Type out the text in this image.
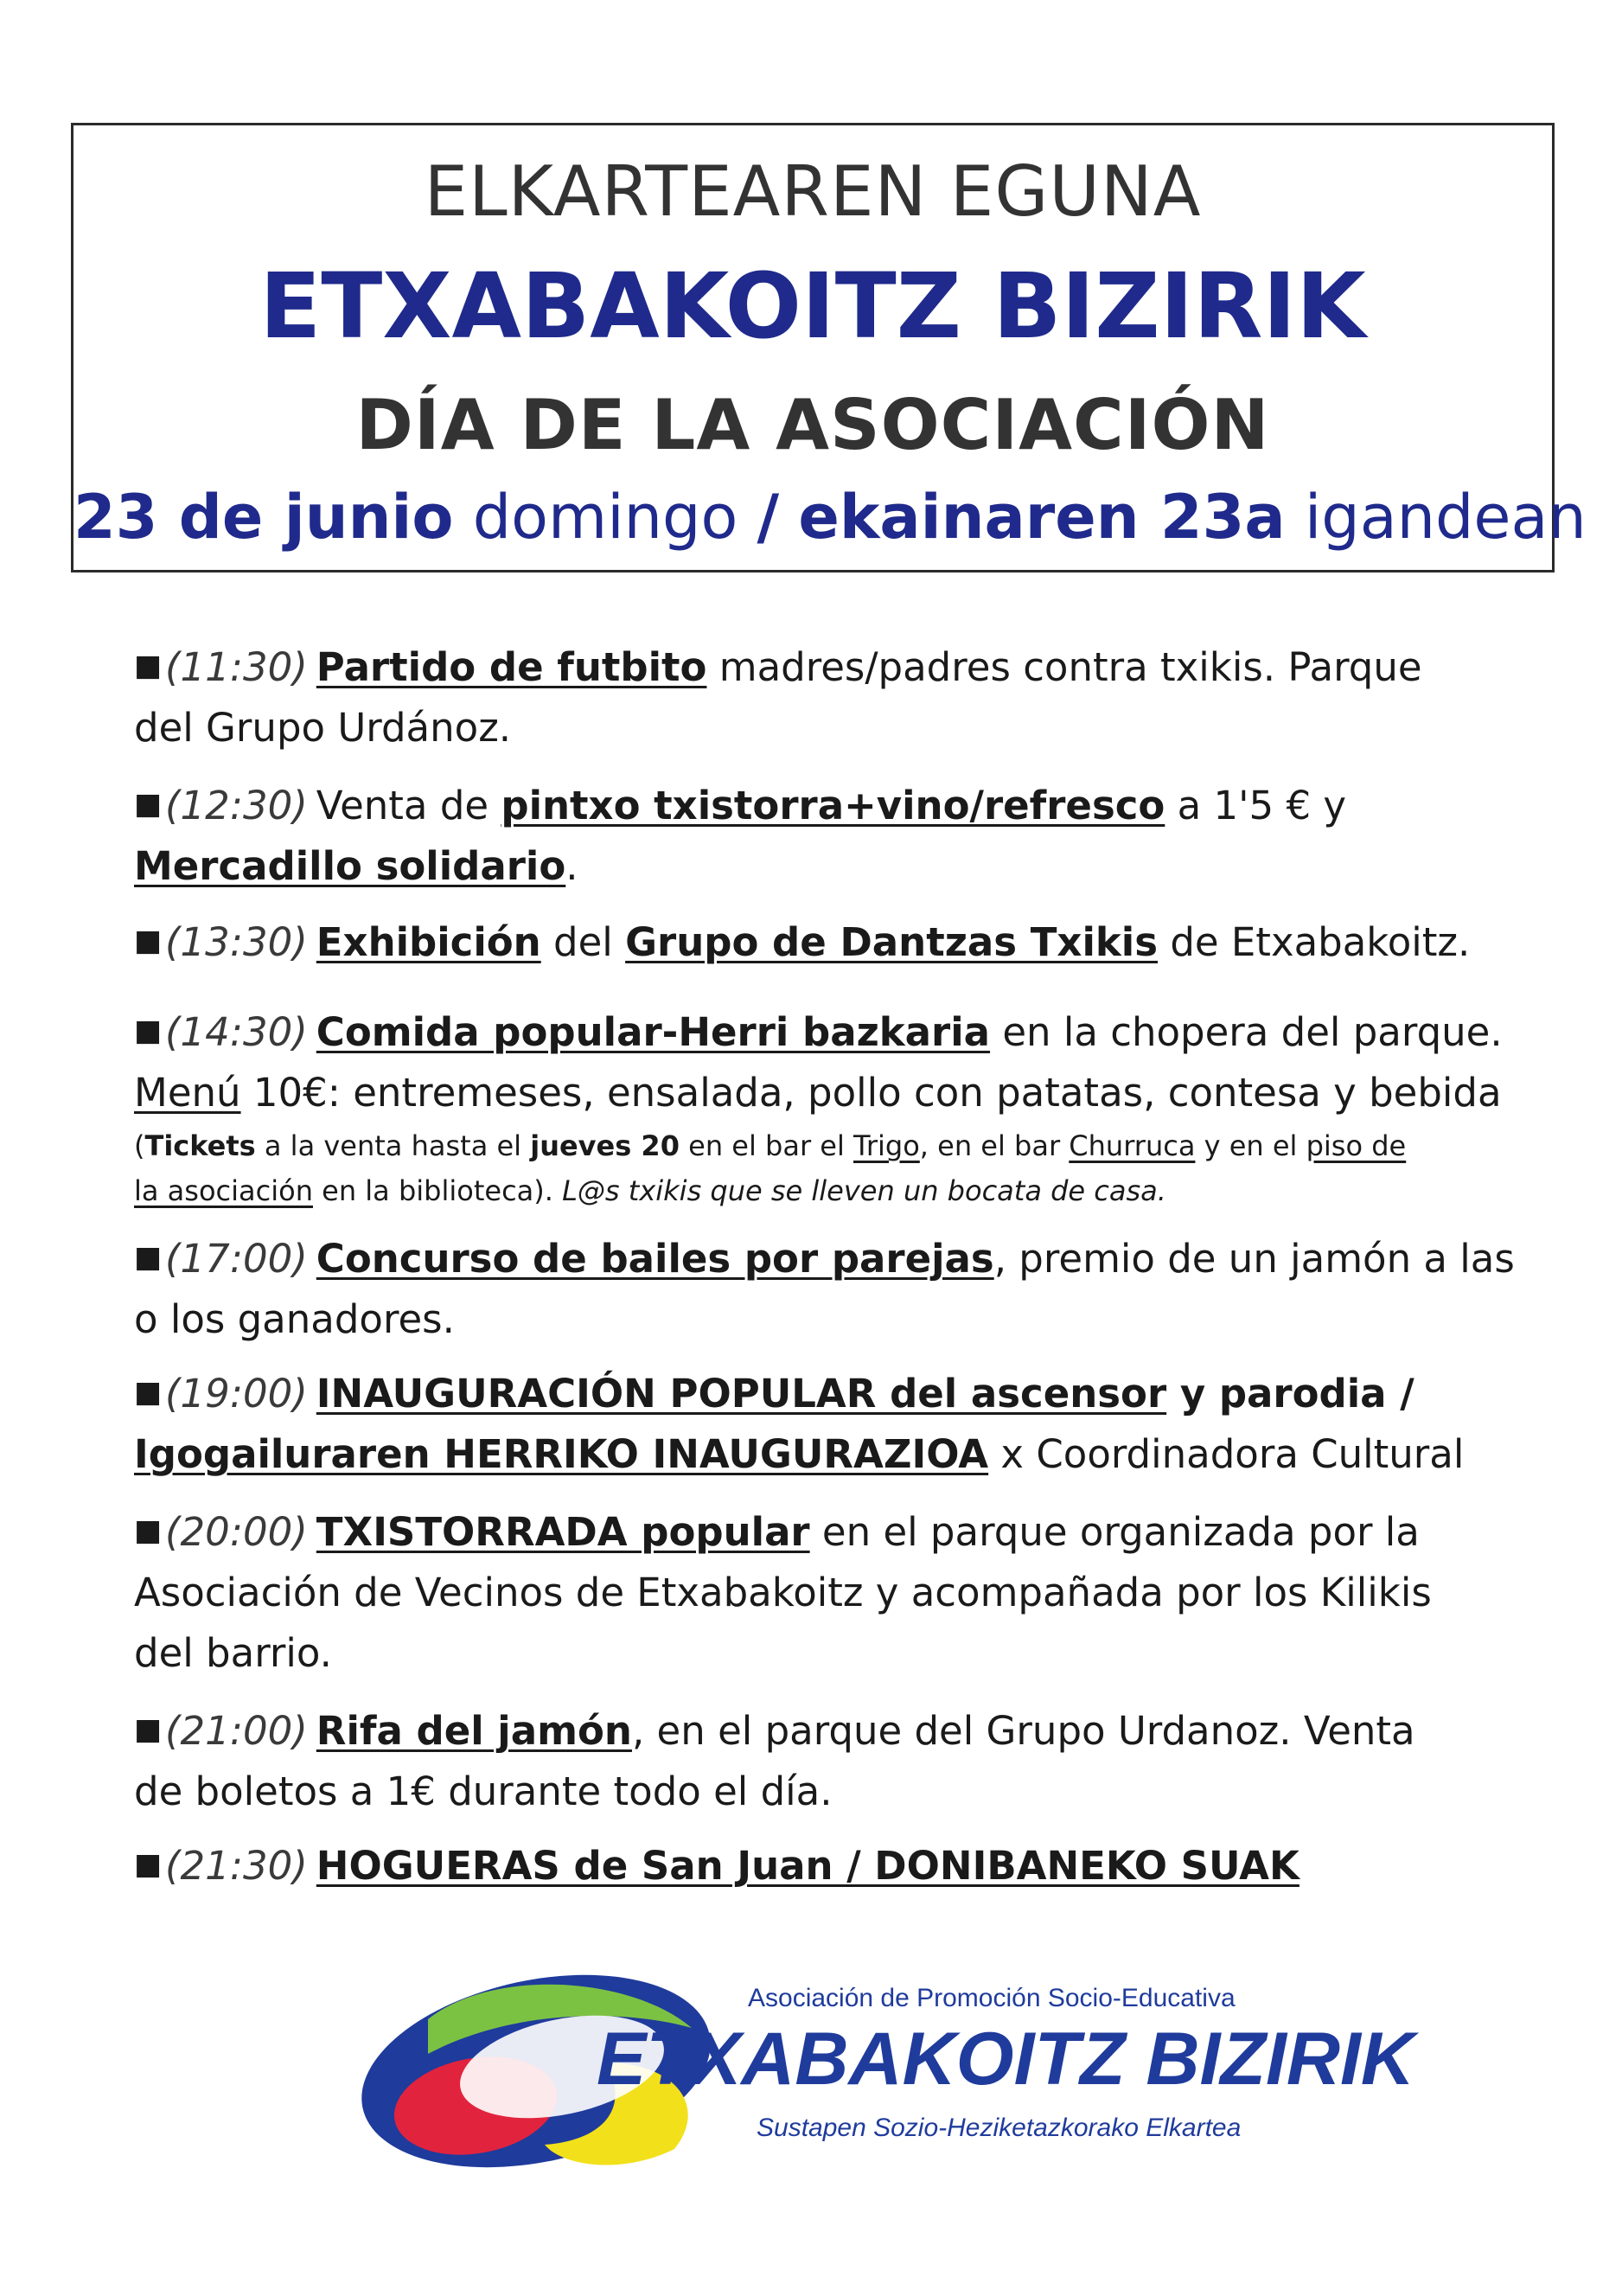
ELKARTEAREN EGUNA
ETXABAKOITZ BIZIRIK
DÍA DE LA ASOCIACIÓN
23 de junio domingo / ekainaren 23a igandean
■(11:30) Partido de futbito madres/padres contra txikis. Parque
del Grupo Urdánoz.
■(12:30) Venta de pintxo txistorra+vino/refresco a 1'5 € y
Mercadillo solidario.
■(13:30) Exhibición del Grupo de Dantzas Txikis de Etxabakoitz.
■(14:30) Comida popular-Herri bazkaria en la chopera del parque.
Menú 10€: entremeses, ensalada, pollo con patatas, contesa y bebida

(Tickets a la venta hasta el jueves 20 en el bar el Trigo, en el bar Churruca y en el piso de
la asociación en la biblioteca). L@s txikis que se lleven un bocata de casa.
■(17:00) Concurso de bailes por parejas, premio de un jamón a las
o los ganadores.
■(19:00) INAUGURACIÓN POPULAR del ascensor y parodia /
Igogailuraren HERRIKO INAUGURAZIOA x Coordinadora Cultural
■(20:00) TXISTORRADA popular en el parque organizada por la
Asociación de Vecinos de Etxabakoitz y acompañada por los Kilikis
del barrio.
■(21:00) Rifa del jamón, en el parque del Grupo Urdanoz. Venta
de boletos a 1€ durante todo el día.
■(21:30) HOGUERAS de San Juan / DONIBANEKO SUAK
Asociación de Promoción Socio-Educativa
ETXABAKOITZ BIZIRIK
Sustapen Sozio-Heziketazkorako Elkartea
